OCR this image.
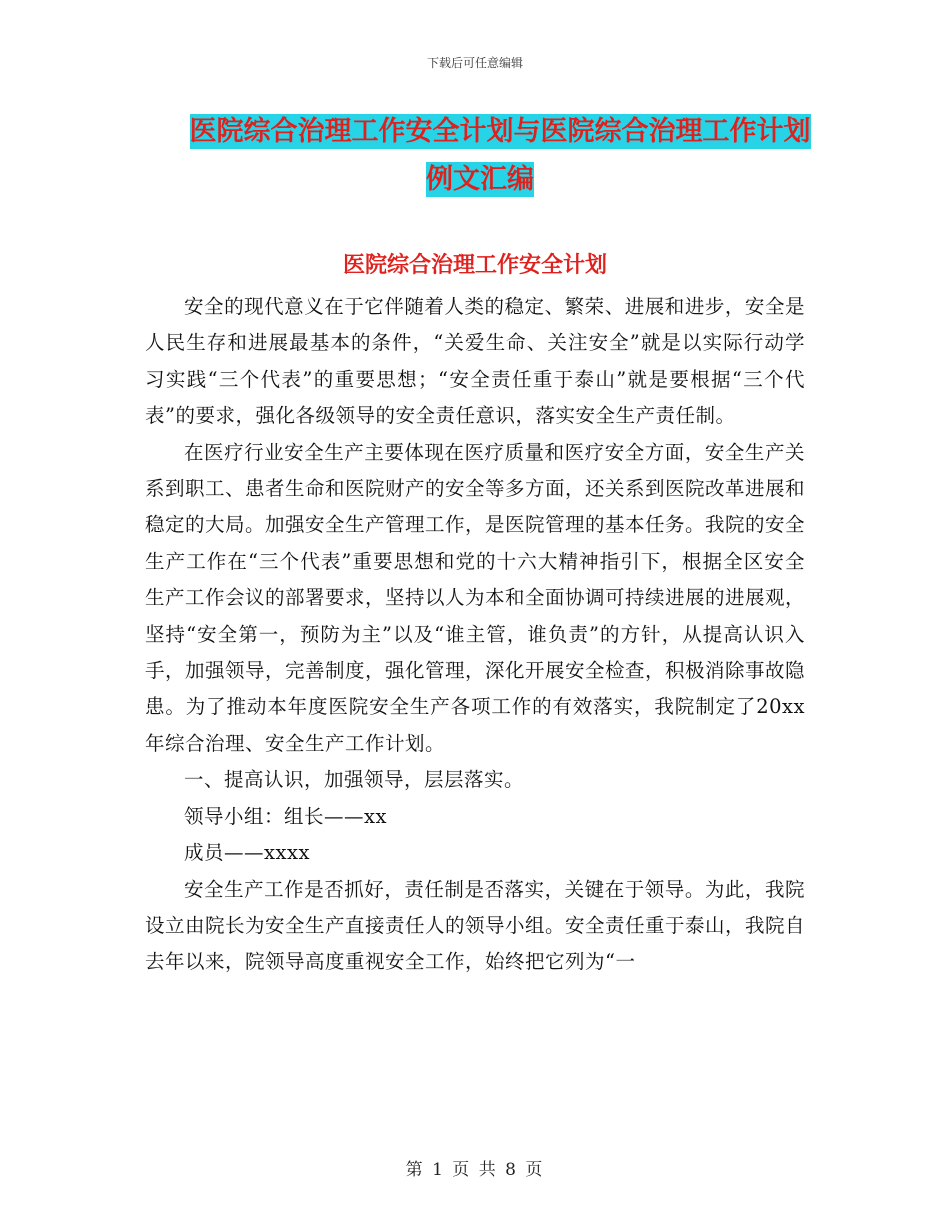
下载后可任意编辑
医院综合治理工作安全计划与医院综合治理工作计划
例文汇编
医院综合治理工作安全计划

安全的现代意义在于它伴随着人类的稳定、繁荣、进展和进步，安全是人民生存和进展最基本的条件，“关爱生命、关注安全”就是以实际行动学习实践“三个代表”的重要思想；“安全责任重于泰山”就是要根据“三个代表”的要求，强化各级领导的安全责任意识，落实安全生产责任制。

在医疗行业安全生产主要体现在医疗质量和医疗安全方面，安全生产关系到职工、患者生命和医院财产的安全等多方面，还关系到医院改革进展和稳定的大局。加强安全生产管理工作，是医院管理的基本任务。我院的安全生产工作在“三个代表”重要思想和党的十六大精神指引下，根据全区安全生产工作会议的部署要求，坚持以人为本和全面协调可持续进展的进展观，坚持“安全第一，预防为主”以及“谁主管，谁负责”的方针，从提高认识入手，加强领导，完善制度，强化管理，深化开展安全检查，积极消除事故隐患。为了推动本年度医院安全生产各项工作的有效落实，我院制定了20xx年综合治理、安全生产工作计划。

一、提高认识，加强领导，层层落实。

领导小组：组长——xx

成员——xxxx

安全生产工作是否抓好，责任制是否落实，关键在于领导。为此，我院设立由院长为安全生产直接责任人的领导小组。安全责任重于泰山，我院自去年以来，院领导高度重视安全工作，始终把它列为“一

第 1 页 共 8 页
